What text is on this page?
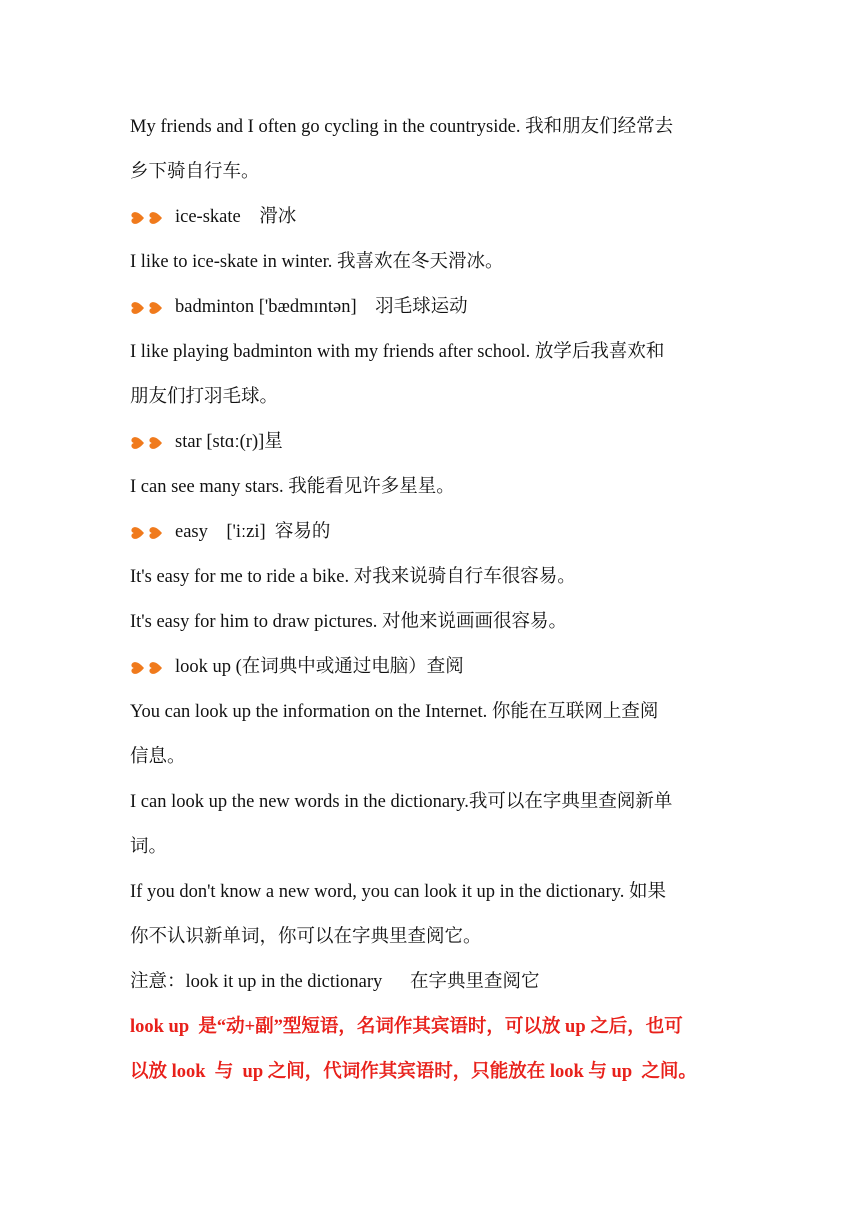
My friends and I often go cycling in the countryside. 我和朋友们经常去
乡下骑自行车。
ice-skate    滑冰
I like to ice-skate in winter. 我喜欢在冬天滑冰。
badminton ['bædmɪntən]    羽毛球运动
I like playing badminton with my friends after school. 放学后我喜欢和
朋友们打羽毛球。
star [stɑː(r)]星
I can see many stars. 我能看见许多星星。
easy    ['iːzi]  容易的
It's easy for me to ride a bike. 对我来说骑自行车很容易。
It's easy for him to draw pictures. 对他来说画画很容易。
look up (在词典中或通过电脑）查阅
You can look up the information on the Internet. 你能在互联网上查阅
信息。
I can look up the new words in the dictionary.我可以在字典里查阅新单
词。
If you don't know a new word, you can look it up in the dictionary. 如果
你不认识新单词，你可以在字典里查阅它。
注意：look it up in the dictionary      在字典里查阅它
look up  是“动+副”型短语，名词作其宾语时，可以放 up 之后，也可
以放 look  与  up 之间，代词作其宾语时，只能放在 look 与 up  之间。
